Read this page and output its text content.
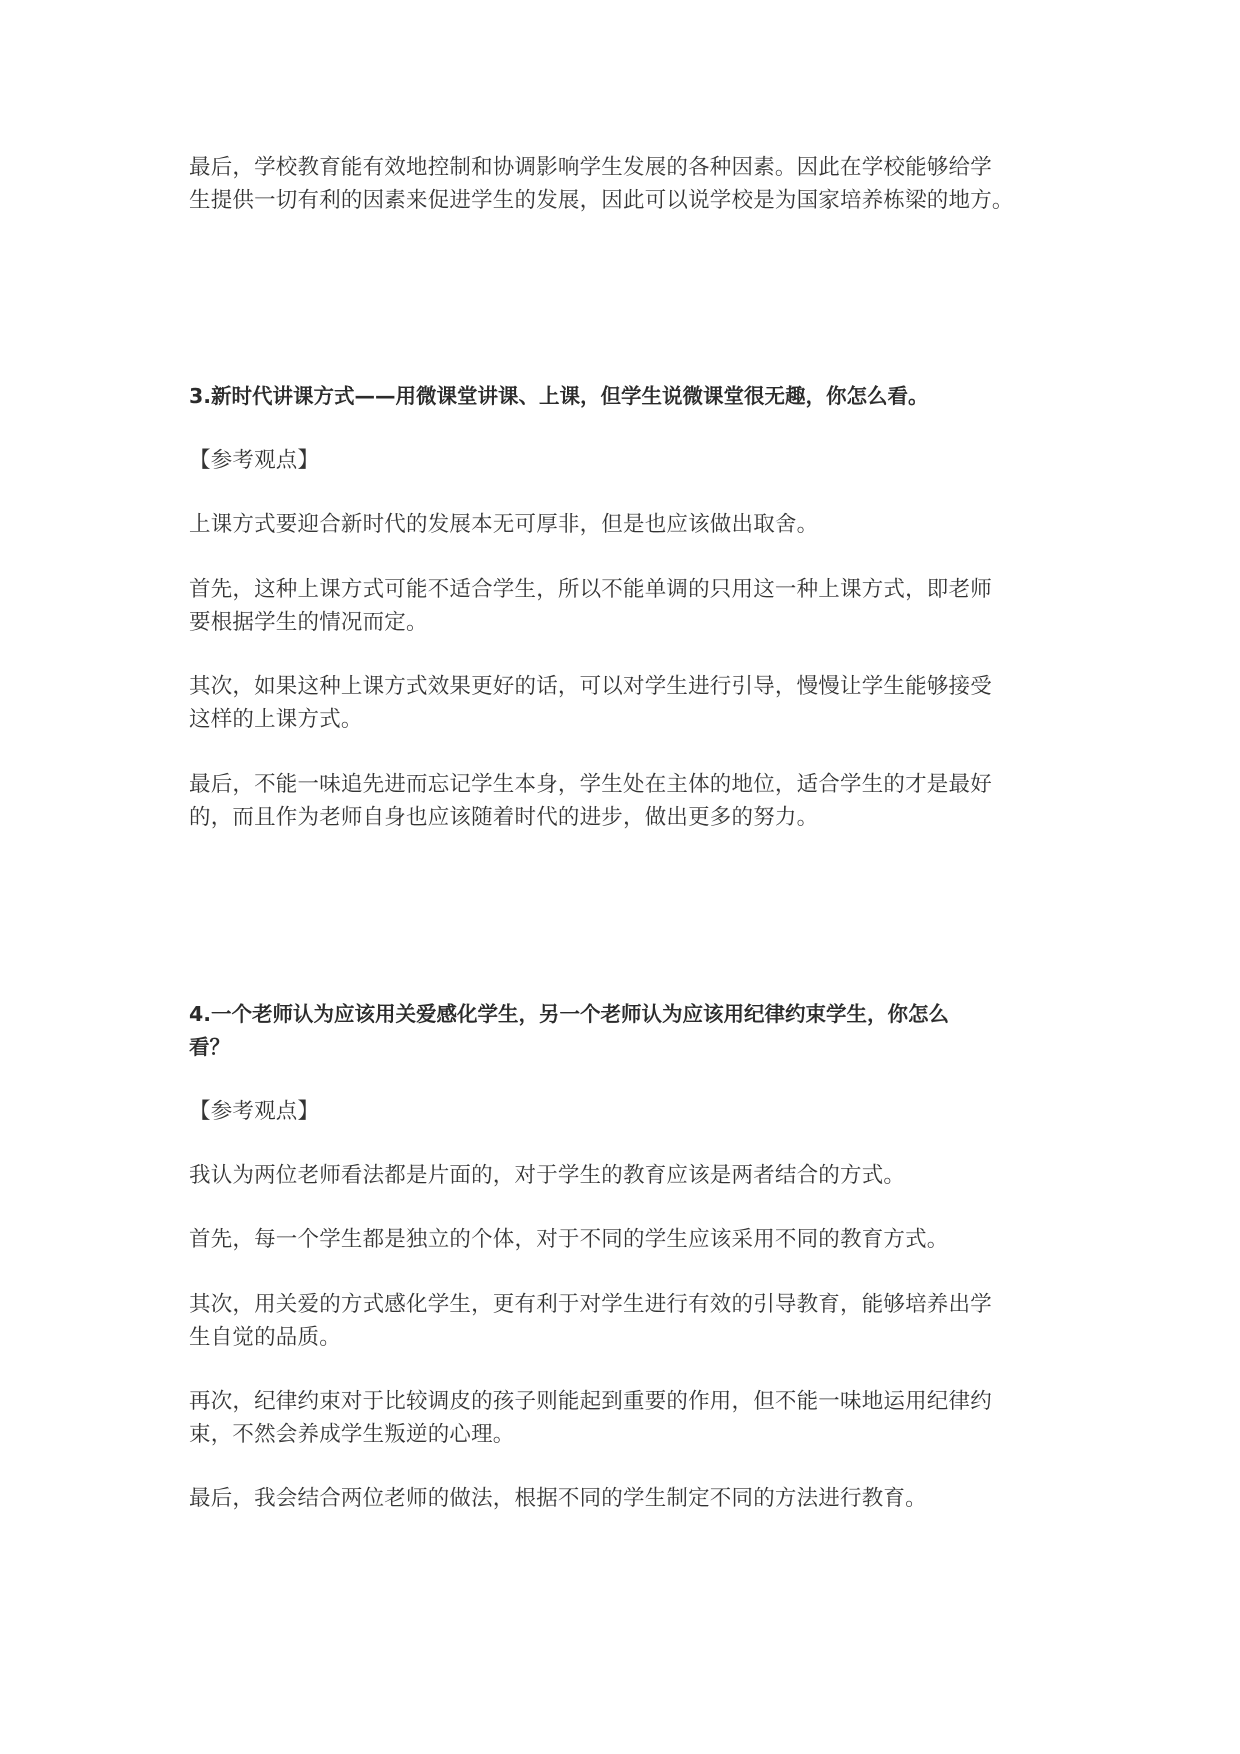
最后，学校教育能有效地控制和协调影响学生发展的各种因素。因此在学校能够给学
生提供一切有利的因素来促进学生的发展，因此可以说学校是为国家培养栋梁的地方。

3.新时代讲课方式——用微课堂讲课、上课，但学生说微课堂很无趣，你怎么看。

【参考观点】

上课方式要迎合新时代的发展本无可厚非，但是也应该做出取舍。

首先，这种上课方式可能不适合学生，所以不能单调的只用这一种上课方式，即老师
要根据学生的情况而定。

其次，如果这种上课方式效果更好的话，可以对学生进行引导，慢慢让学生能够接受
这样的上课方式。

最后，不能一味追先进而忘记学生本身，学生处在主体的地位，适合学生的才是最好
的，而且作为老师自身也应该随着时代的进步，做出更多的努力。

4.一个老师认为应该用关爱感化学生，另一个老师认为应该用纪律约束学生，你怎么
看？

【参考观点】

我认为两位老师看法都是片面的，对于学生的教育应该是两者结合的方式。

首先，每一个学生都是独立的个体，对于不同的学生应该采用不同的教育方式。

其次，用关爱的方式感化学生，更有利于对学生进行有效的引导教育，能够培养出学
生自觉的品质。

再次，纪律约束对于比较调皮的孩子则能起到重要的作用，但不能一味地运用纪律约
束，不然会养成学生叛逆的心理。

最后，我会结合两位老师的做法，根据不同的学生制定不同的方法进行教育。
